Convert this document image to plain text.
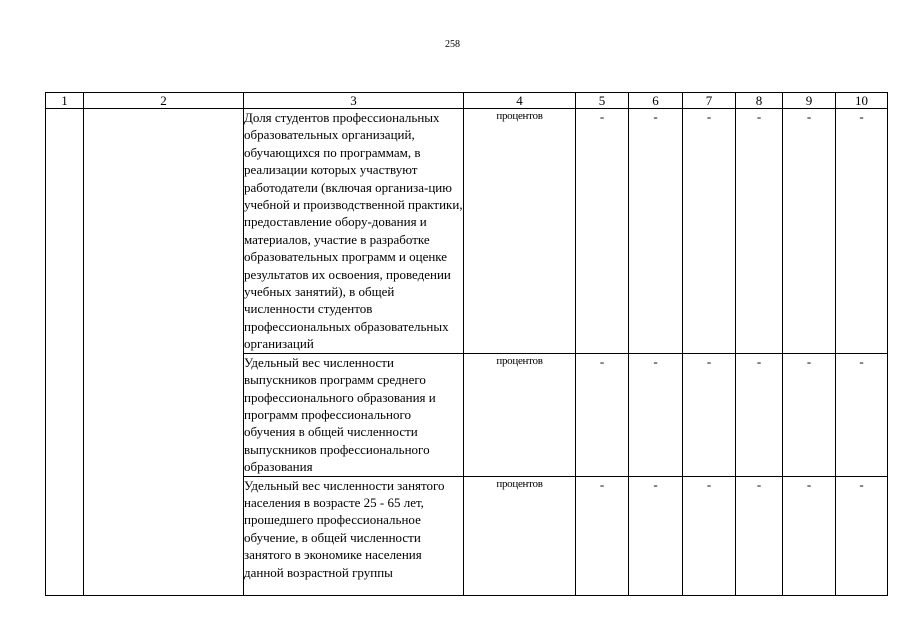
258
1	2	3	4	5	6	7	8	9	10
		Доля студентов профессиональных образовательных организаций, обучающихся по программам, в реализации которых участвуют работодатели (включая организа-цию учебной и производственной практики, предоставление обору-дования и материалов, участие в разработке образовательных программ и оценке результатов их освоения, проведении учебных занятий), в общей численности студентов профессиональных образовательных организаций	процентов	-	-	-	-	-	-
		Удельный вес численности выпускников программ среднего профессионального образования и программ профессионального обучения в общей численности выпускников профессионального образования	процентов	-	-	-	-	-	-
		Удельный вес численности занятого населения в возрасте 25 - 65 лет, прошедшего профессиональное обучение, в общей численности занятого в экономике населения данной возрастной группы	процентов	-	-	-	-	-	-
